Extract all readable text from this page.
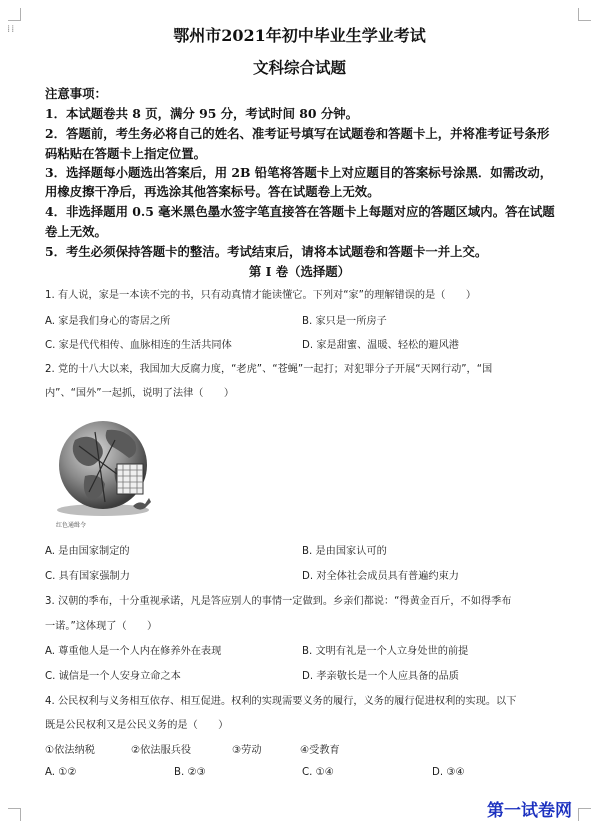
⁞⁞	鄂州市2021年初中毕业生学业考试
文科综合试题
注意事项：
1．本试题卷共 8 页，满分 95 分，考试时间 80 分钟。
2．答题前，考生务必将自己的姓名、准考证号填写在试题卷和答题卡上，并将准考证号条形
码粘贴在答题卡上指定位置。
3．选择题每小题选出答案后，用 2B 铅笔将答题卡上对应题目的答案标号涂黑．如需改动，
用橡皮擦干净后，再选涂其他答案标号。答在试题卷上无效。
4．非选择题用 0.5 毫米黑色墨水签字笔直接答在答题卡上每题对应的答题区域内。答在试题
卷上无效。
5．考生必须保持答题卡的整洁。考试结束后，请将本试题卷和答题卡一并上交。
第 I 卷（选择题）
1. 有人说，家是一本读不完的书，只有动真情才能读懂它。下列对“家”的理解错误的是（　　）
A. 家是我们身心的寄居之所	B. 家只是一所房子
C. 家是代代相传、血脉相连的生活共同体	D. 家是甜蜜、温暖、轻松的避风港
2. 党的十八大以来，我国加大反腐力度，“老虎”、“苍蝇”一起打；对犯罪分子开展“天网行动”，“国
内”、“国外”一起抓，说明了法律（　　）
红色通缉令
A. 是由国家制定的	B. 是由国家认可的
C. 具有国家强制力	D. 对全体社会成员具有普遍约束力
3. 汉朝的季布，十分重视承诺，凡是答应别人的事情一定做到。乡亲们都说：“得黄金百斤，不如得季布
一诺。”这体现了（　　）
A. 尊重他人是一个人内在修养外在表现	B. 文明有礼是一个人立身处世的前提
C. 诚信是一个人安身立命之本	D. 孝亲敬长是一个人应具备的品质
4. 公民权利与义务相互依存、相互促进。权利的实现需要义务的履行，义务的履行促进权利的实现。以下
既是公民权利又是公民义务的是（　　）
①依法纳税	②依法服兵役	③劳动	④受教育
A. ①②	B. ②③	C. ①④	D. ③④
第一试卷网
